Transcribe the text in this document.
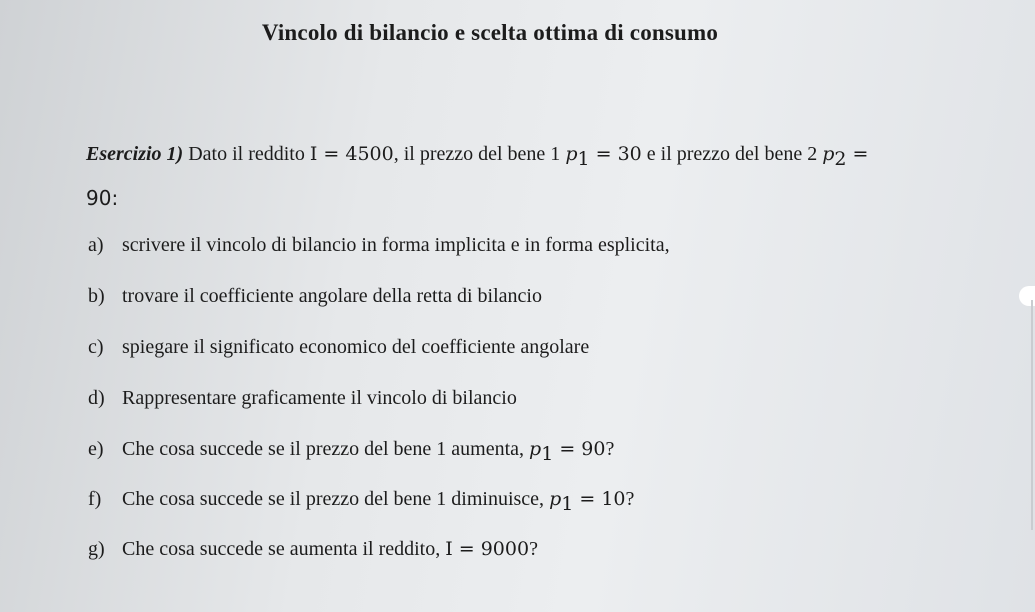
Vincolo di bilancio e scelta ottima di consumo
Esercizio 1) Dato il reddito I = 4500, il prezzo del bene 1 $p_1 = 30$ e il prezzo del bene 2 $p_2$ =
90:
a) scrivere il vincolo di bilancio in forma implicita e in forma esplicita,
b) trovare il coefficiente angolare della retta di bilancio
c) spiegare il significato economico del coefficiente angolare
d) Rappresentare graficamente il vincolo di bilancio
e) Che cosa succede se il prezzo del bene 1 aumenta, $p_1 = 90$?
f) Che cosa succede se il prezzo del bene 1 diminuisce, $p_1 = 10$?
g) Che cosa succede se aumenta il reddito, I = 9000?
